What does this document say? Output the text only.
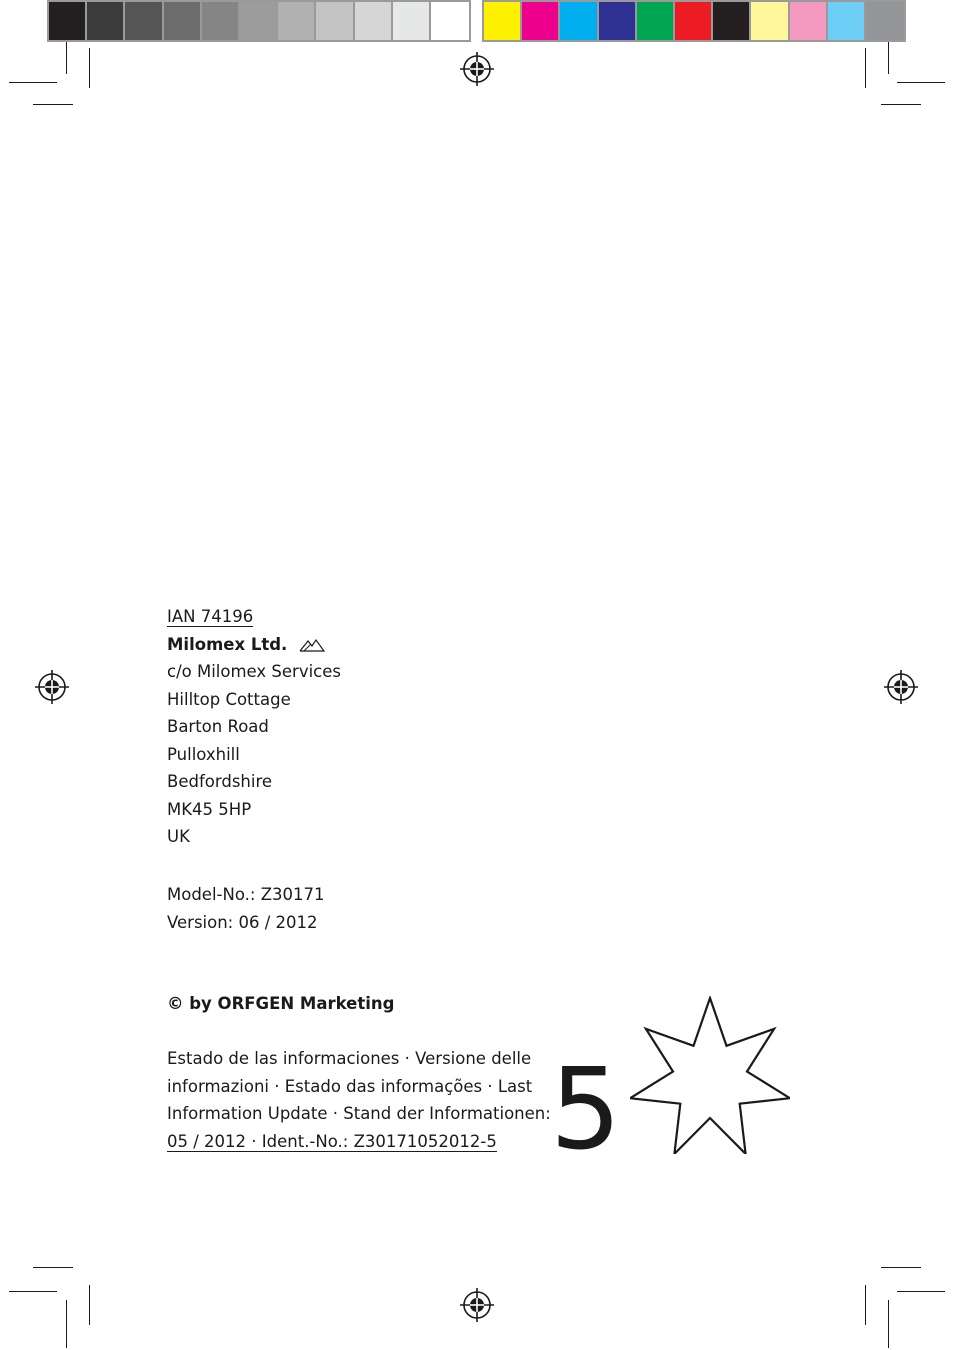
IAN 74196
Milomex Ltd.
c/o Milomex Services
Hilltop Cottage
Barton Road
Pulloxhill
Bedfordshire
MK45 5HP
UK
Model-No.: Z30171
Version: 06 / 2012
© by ORFGEN Marketing
Estado de las informaciones · Versione delle
informazioni · Estado das informações · Last
Information Update · Stand der Informationen:
05 / 2012 · Ident.-No.: Z30171052012-5 5
